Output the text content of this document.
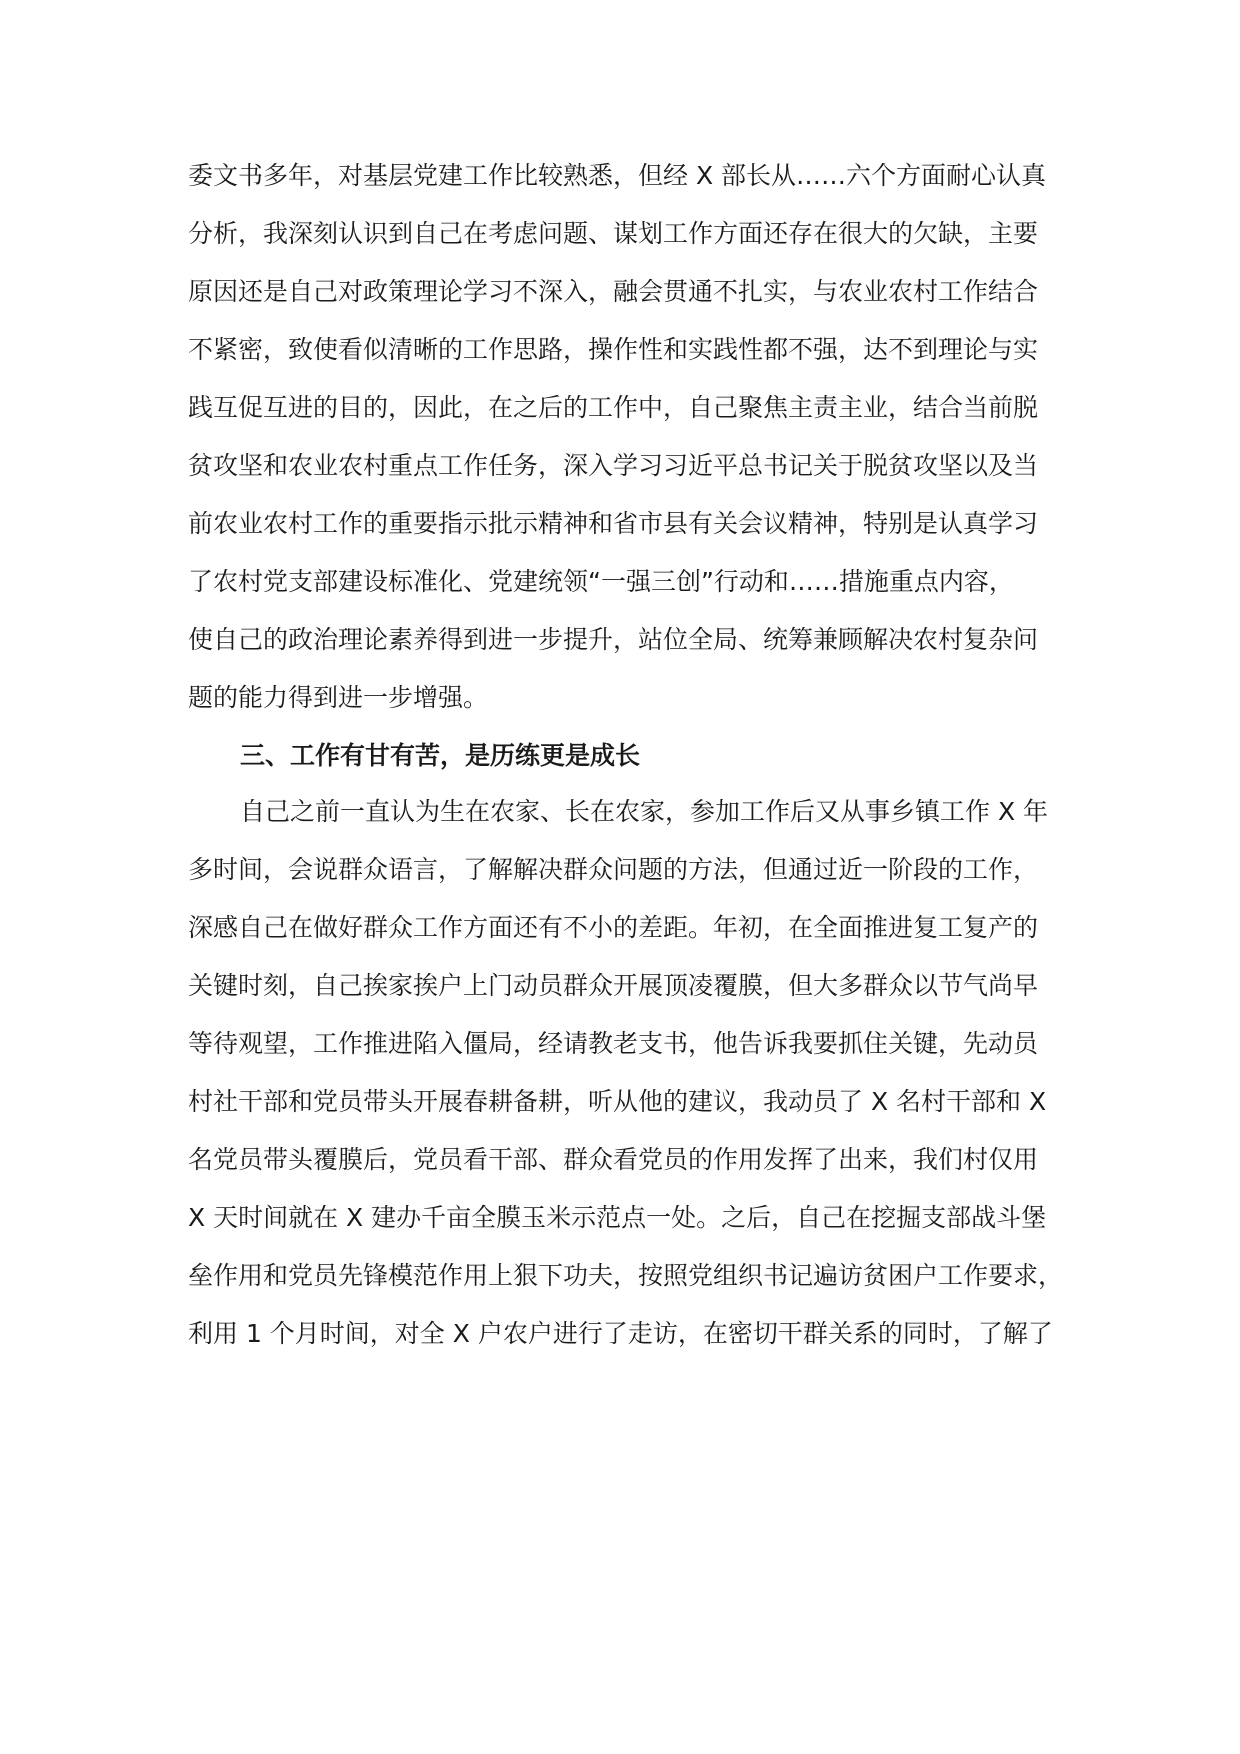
委文书多年，对基层党建工作比较熟悉，但经 X 部长从……六个方面耐心认真
分析，我深刻认识到自己在考虑问题、谋划工作方面还存在很大的欠缺，主要
原因还是自己对政策理论学习不深入，融会贯通不扎实，与农业农村工作结合
不紧密，致使看似清晰的工作思路，操作性和实践性都不强，达不到理论与实
践互促互进的目的，因此，在之后的工作中，自己聚焦主责主业，结合当前脱
贫攻坚和农业农村重点工作任务，深入学习习近平总书记关于脱贫攻坚以及当
前农业农村工作的重要指示批示精神和省市县有关会议精神，特别是认真学习
了农村党支部建设标准化、党建统领“一强三创”行动和……措施重点内容，
使自己的政治理论素养得到进一步提升，站位全局、统筹兼顾解决农村复杂问
题的能力得到进一步增强。
三、工作有甘有苦，是历练更是成长
自己之前一直认为生在农家、长在农家，参加工作后又从事乡镇工作 X 年
多时间，会说群众语言，了解解决群众问题的方法，但通过近一阶段的工作，
深感自己在做好群众工作方面还有不小的差距。年初，在全面推进复工复产的
关键时刻，自己挨家挨户上门动员群众开展顶凌覆膜，但大多群众以节气尚早
等待观望，工作推进陷入僵局，经请教老支书，他告诉我要抓住关键，先动员
村社干部和党员带头开展春耕备耕，听从他的建议，我动员了 X 名村干部和 X
名党员带头覆膜后，党员看干部、群众看党员的作用发挥了出来，我们村仅用
X 天时间就在 X 建办千亩全膜玉米示范点一处。之后，自己在挖掘支部战斗堡
垒作用和党员先锋模范作用上狠下功夫，按照党组织书记遍访贫困户工作要求，
利用 1 个月时间，对全 X 户农户进行了走访，在密切干群关系的同时，了解了
